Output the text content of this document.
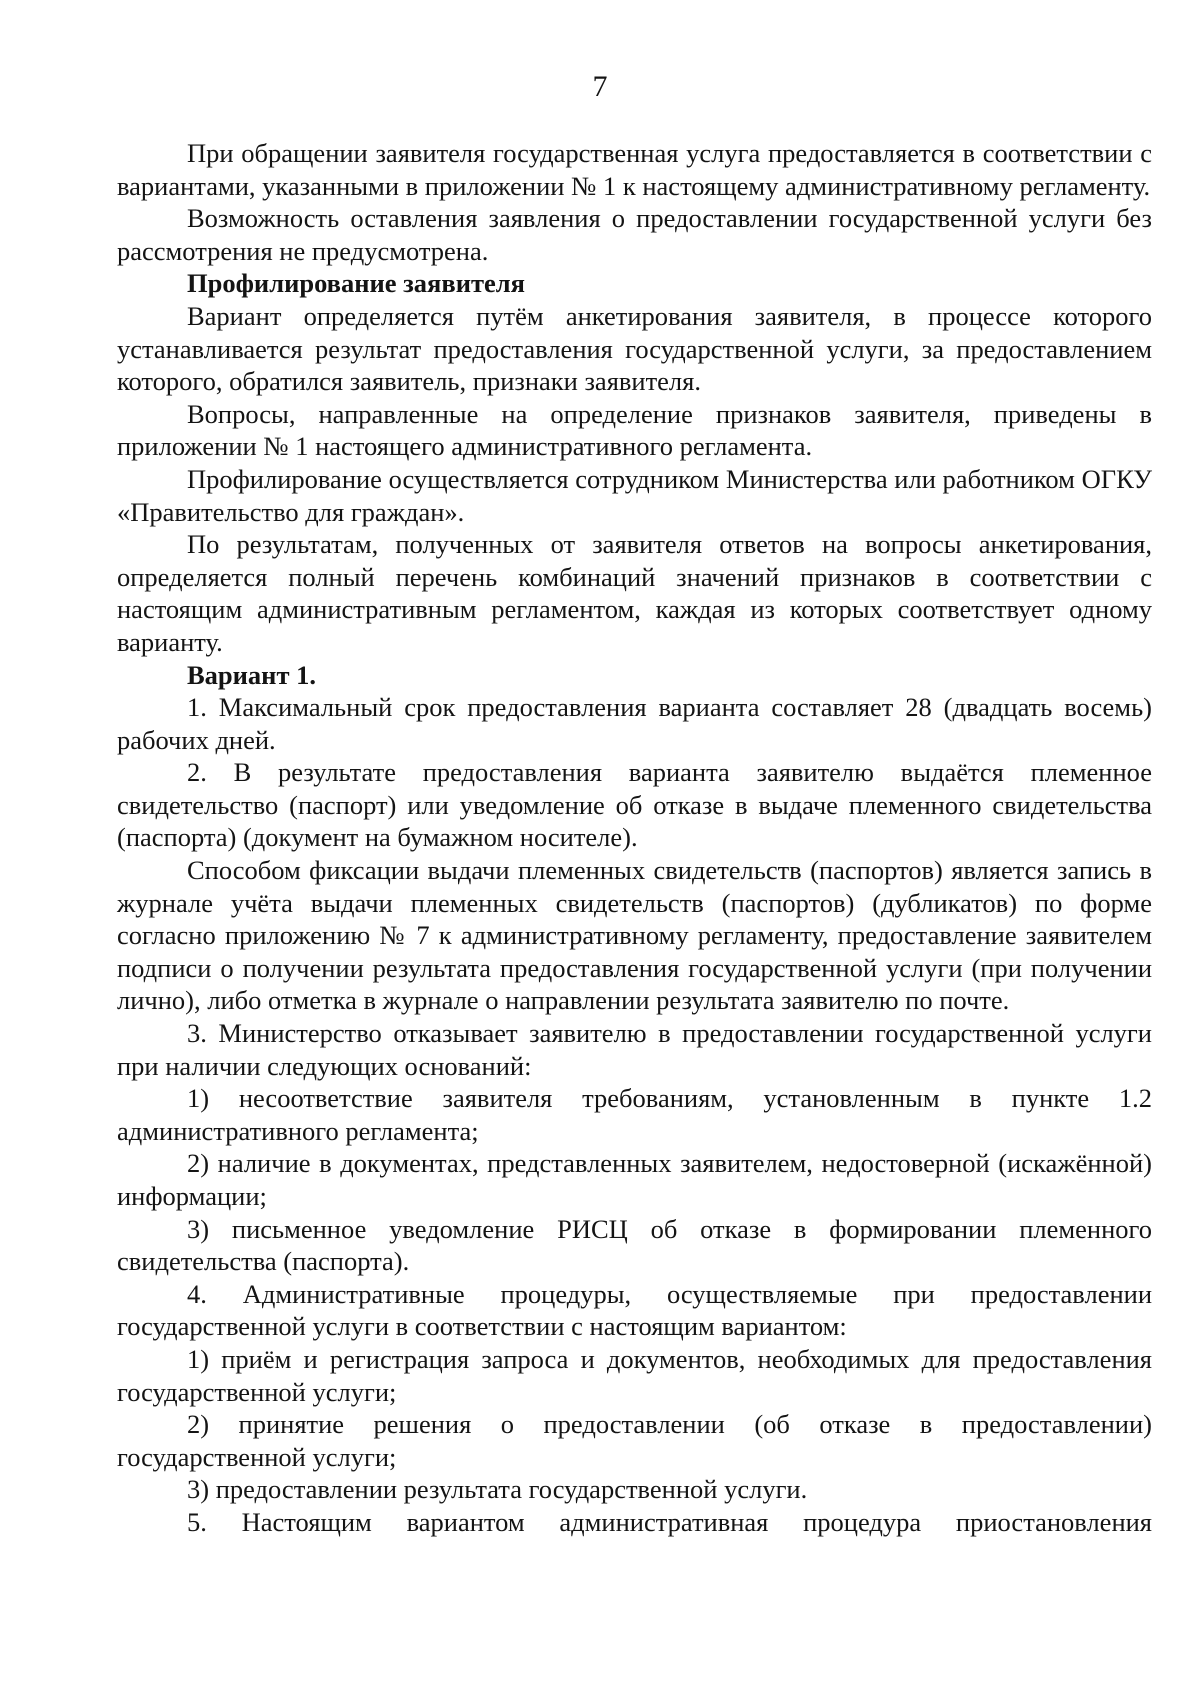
7

При обращении заявителя государственная услуга предоставляется в соответствии с вариантами, указанными в приложении № 1 к настоящему административному регламенту.

Возможность оставления заявления о предоставлении государственной услуги без рассмотрения не предусмотрена.

Профилирование заявителя

Вариант определяется путём анкетирования заявителя, в процессе которого устанавливается результат предоставления государственной услуги, за предоставлением которого, обратился заявитель, признаки заявителя.

Вопросы, направленные на определение признаков заявителя, приведены в приложении № 1 настоящего административного регламента.

Профилирование осуществляется сотрудником Министерства или работником ОГКУ «Правительство для граждан».

По результатам, полученных от заявителя ответов на вопросы анкетирования, определяется полный перечень комбинаций значений признаков в соответствии с настоящим административным регламентом, каждая из которых соответствует одному варианту.

Вариант 1.

1. Максимальный срок предоставления варианта составляет 28 (двадцать восемь) рабочих дней.

2. В результате предоставления варианта заявителю выдаётся племенное свидетельство (паспорт) или уведомление об отказе в выдаче племенного свидетельства (паспорта) (документ на бумажном носителе).

Способом фиксации выдачи племенных свидетельств (паспортов) является запись в журнале учёта выдачи племенных свидетельств (паспортов) (дубликатов) по форме согласно приложению № 7 к административному регламенту, предоставление заявителем подписи о получении результата предоставления государственной услуги (при получении лично), либо отметка в журнале о направлении результата заявителю по почте.

3. Министерство отказывает заявителю в предоставлении государственной услуги при наличии следующих оснований:

1) несоответствие заявителя требованиям, установленным в пункте 1.2 административного регламента;

2) наличие в документах, представленных заявителем, недостоверной (искажённой) информации;

3) письменное уведомление РИСЦ об отказе в формировании племенного свидетельства (паспорта).

4. Административные процедуры, осуществляемые при предоставлении государственной услуги в соответствии с настоящим вариантом:

1) приём и регистрация запроса и документов, необходимых для предоставления государственной услуги;

2) принятие решения о предоставлении (об отказе в предоставлении) государственной услуги;

3) предоставлении результата государственной услуги.

5. Настоящим вариантом административная процедура приостановления
